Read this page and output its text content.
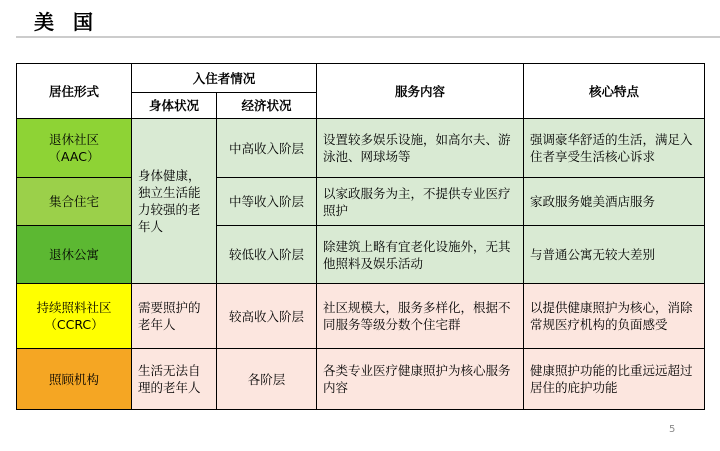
美 国
居住形式	入住者情况		服务内容	核心特点
	身体状况	经济状况		
退休社区
（AAC）	身体健康，独立生活能力较强的老年人	中高收入阶层	设置较多娱乐设施，如高尔夫、游泳池、网球场等	强调豪华舒适的生活，满足入住者享受生活核心诉求
集合住宅		中等收入阶层	以家政服务为主，不提供专业医疗照护	家政服务媲美酒店服务
退休公寓		较低收入阶层	除建筑上略有宜老化设施外，无其他照料及娱乐活动	与普通公寓无较大差别
持续照料社区
（CCRC）	需要照护的老年人	较高收入阶层	社区规模大，服务多样化，根据不同服务等级分数个住宅群	以提供健康照护为核心，消除常规医疗机构的负面感受
照顾机构	生活无法自理的老年人	各阶层	各类专业医疗健康照护为核心服务内容	健康照护功能的比重远远超过居住的庇护功能
5
